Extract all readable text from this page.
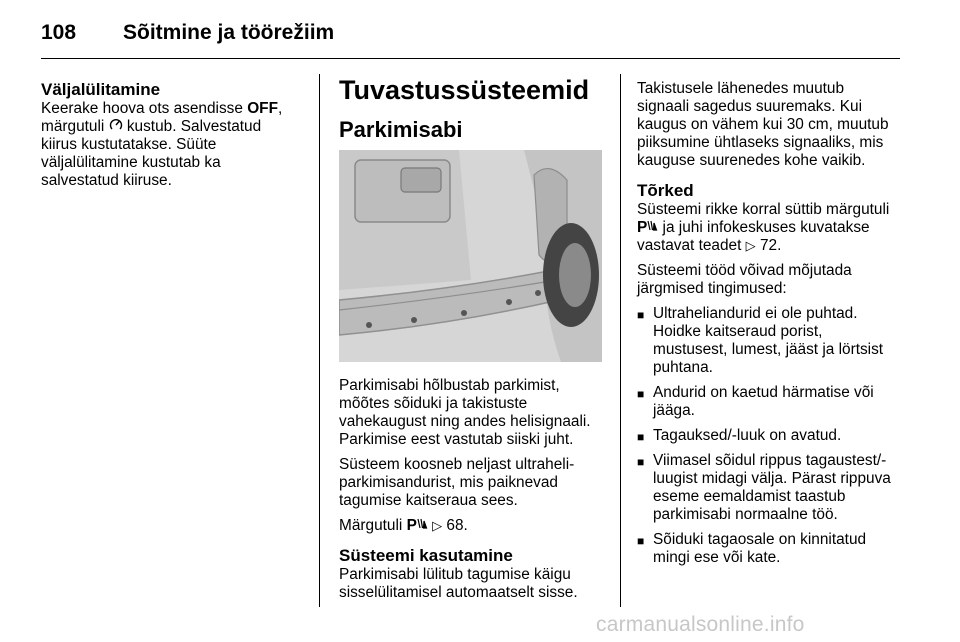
108 Sõitmine ja töörežiim
Väljalülitamine
Keerake hoova ots asendisse OFF,
märgutuli  kustub. Salvestatud
kiirus kustutatakse. Süüte
väljalülitamine kustutab ka
salvestatud kiiruse.
Tuvastussüsteemid
Parkimisabi

Parkimisabi hõlbustab parkimist,
mõõtes sõiduki ja takistuste
vahekaugust ning andes helisignaali.
Parkimise eest vastutab siiski juht.

Süsteem koosneb neljast ultraheli-
parkimisandurist, mis paiknevad
tagumise kaitseraua sees.

Märgutuli P ▷ 68.

Süsteemi kasutamine
Parkimisabi lülitub tagumise käigu
sisselülitamisel automaatselt sisse.

Takistusele lähenedes muutub
signaali sagedus suuremaks. Kui
kaugus on vähem kui 30 cm, muutub
piiksumine ühtlaseks signaaliks, mis
kauguse suurenedes kohe vaikib.

Tõrked

Süsteemi rikke korral süttib märgutuli
P ja juhi infokeskuses kuvatakse
vastavat teadet ▷ 72.

Süsteemi tööd võivad mõjutada
järgmised tingimused:

■ Ultraheliandurid ei ole puhtad.
Hoidke kaitseraud porist,
mustusest, lumest, jääst ja lörtsist
puhtana.
■ Andurid on kaetud härmatise või
jääga.
■ Tagauksed/-luuk on avatud.
■ Viimasel sõidul rippus tagaustest/-
luugist midagi välja. Pärast rippuva
eseme eemaldamist taastub
parkimisabi normaalne töö.
■ Sõiduki tagaosale on kinnitatud
mingi ese või kate.
carmanualsonline.info
